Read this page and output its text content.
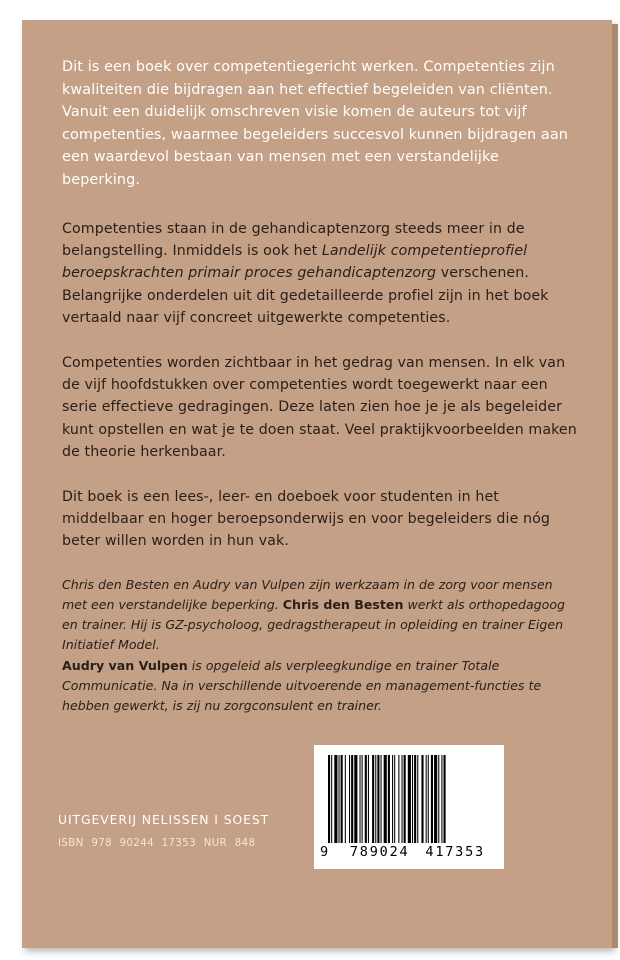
Dit is een boek over competentiegericht werken. Competenties zijn kwaliteiten die bijdragen aan het effectief begeleiden van cliënten. Vanuit een duidelijk omschreven visie komen de auteurs tot vijf competenties, waarmee begeleiders succesvol kunnen bijdragen aan een waardevol bestaan van mensen met een verstandelijke beperking.

Competenties staan in de gehandicaptenzorg steeds meer in de belangstelling. Inmiddels is ook het Landelijk competentieprofiel beroepskrachten primair proces gehandicaptenzorg verschenen. Belangrijke onderdelen uit dit gedetailleerde profiel zijn in het boek vertaald naar vijf concreet uitgewerkte competenties.

Competenties worden zichtbaar in het gedrag van mensen. In elk van de vijf hoofdstukken over competenties wordt toegewerkt naar een serie effectieve gedragingen. Deze laten zien hoe je je als begeleider kunt opstellen en wat je te doen staat. Veel praktijkvoorbeelden maken de theorie herkenbaar.

Dit boek is een lees-, leer- en doeboek voor studenten in het middelbaar en hoger beroepsonderwijs en voor begeleiders die nóg beter willen worden in hun vak.

Chris den Besten en Audry van Vulpen zijn werkzaam in de zorg voor mensen met een verstandelijke beperking. Chris den Besten werkt als orthopedagoog en trainer. Hij is GZ-psycholoog, gedragstherapeut in opleiding en trainer Eigen Initiatief Model.
Audry van Vulpen is opgeleid als verpleegkundige en trainer Totale Communicatie. Na in verschillende uitvoerende en management-functies te hebben gewerkt, is zij nu zorgconsulent en trainer.
UITGEVERIJ NELISSEN I SOEST
ISBN 978 90244 17353 NUR 848
9 789024 417353
